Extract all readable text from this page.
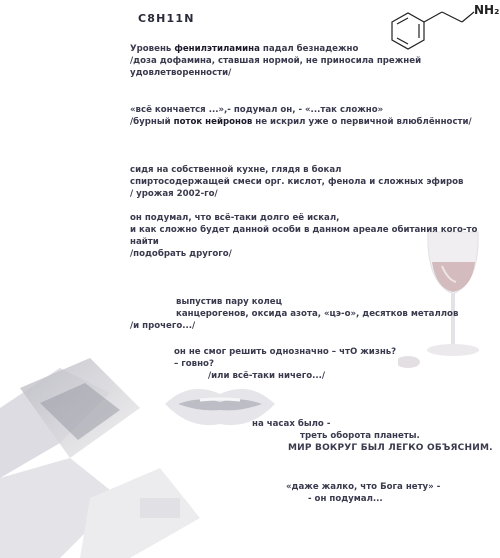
NH₂
C8H11N
Уровень фенилэтиламина падал безнадежно
/доза дофамина, ставшая нормой, не приносила прежней
удовлетворенности/
«всё кончается ...»,- подумал он, - «...так сложно»
/бурный поток нейронов не искрил уже о первичной влюблённости/
сидя на собственной кухне, глядя в бокал
спиртосодержащей смеси орг. кислот, фенола и сложных эфиров
/ урожая 2002-го/
он подумал, что всё-таки долго её искал,
и как сложно будет данной особи в данном ареале обитания кого-то
найти
/подобрать другого/
выпустив пару колец
канцерогенов, оксида азота, «цэ-о», десятков металлов
/и прочего.../
он не смог решить однозначно – чтО жизнь?
– говно?
/или всё-таки ничего.../
на часах было -
треть оборота планеты.
МИР ВОКРУГ БЫЛ ЛЕГКО ОБЪЯСНИМ.
«даже жалко, что Бога нету» -
- он подумал...
